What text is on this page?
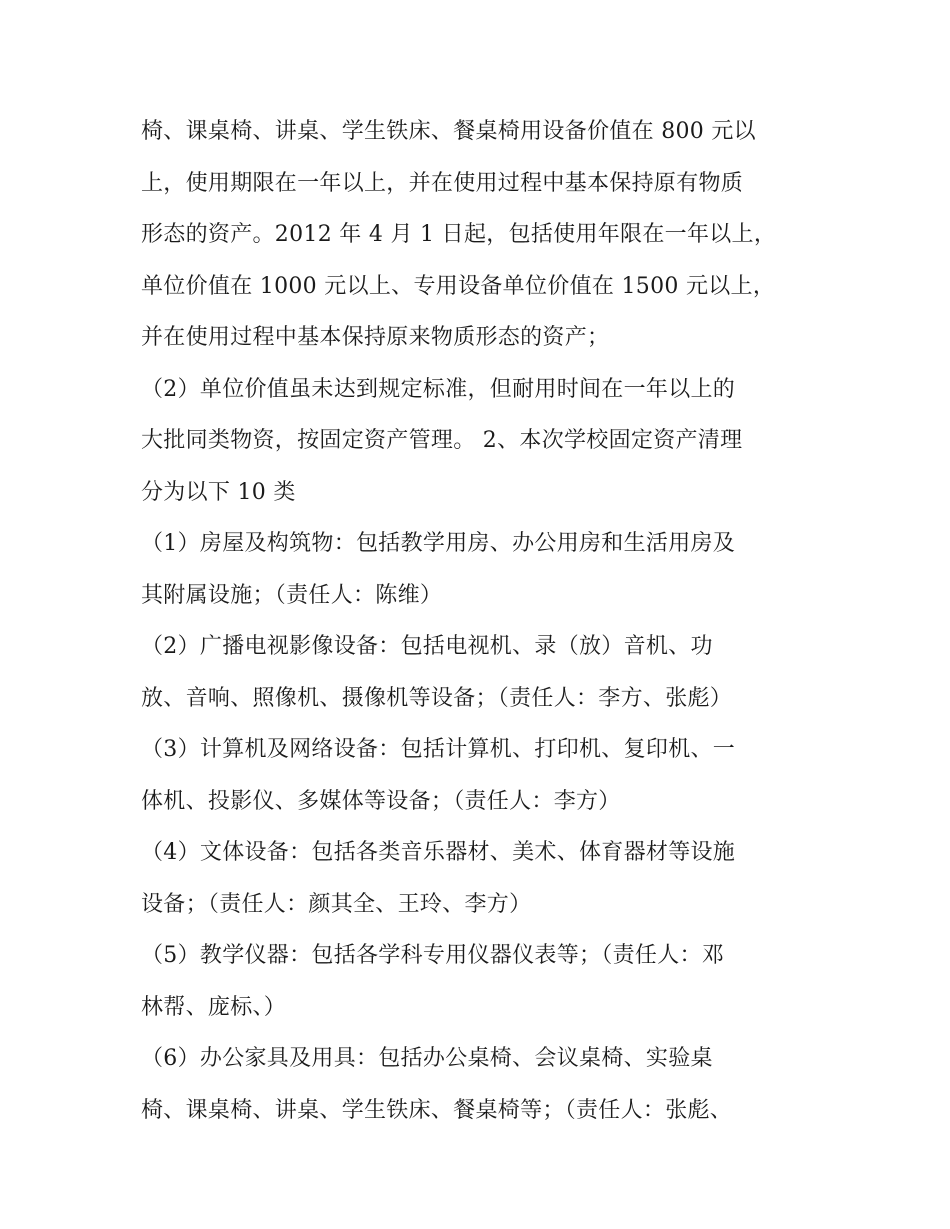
椅、课桌椅、讲桌、学生铁床、餐桌椅用设备价值在 800 元以
上，使用期限在一年以上，并在使用过程中基本保持原有物质
形态的资产。2012 年 4 月 1 日起，包括使用年限在一年以上，
单位价值在 1000 元以上、专用设备单位价值在 1500 元以上，
并在使用过程中基本保持原来物质形态的资产；
（2）单位价值虽未达到规定标准，但耐用时间在一年以上的
大批同类物资，按固定资产管理。 2、本次学校固定资产清理
分为以下 10 类
（1）房屋及构筑物：包括教学用房、办公用房和生活用房及
其附属设施；（责任人：陈维）
（2）广播电视影像设备：包括电视机、录（放）音机、功
放、音响、照像机、摄像机等设备；（责任人：李方、张彪）
（3）计算机及网络设备：包括计算机、打印机、复印机、一
体机、投影仪、多媒体等设备；（责任人：李方）
（4）文体设备：包括各类音乐器材、美术、体育器材等设施
设备；（责任人：颜其全、王玲、李方）
（5）教学仪器：包括各学科专用仪器仪表等；（责任人：邓
林帮、庞标、）
（6）办公家具及用具：包括办公桌椅、会议桌椅、实验桌
椅、课桌椅、讲桌、学生铁床、餐桌椅等；（责任人：张彪、
